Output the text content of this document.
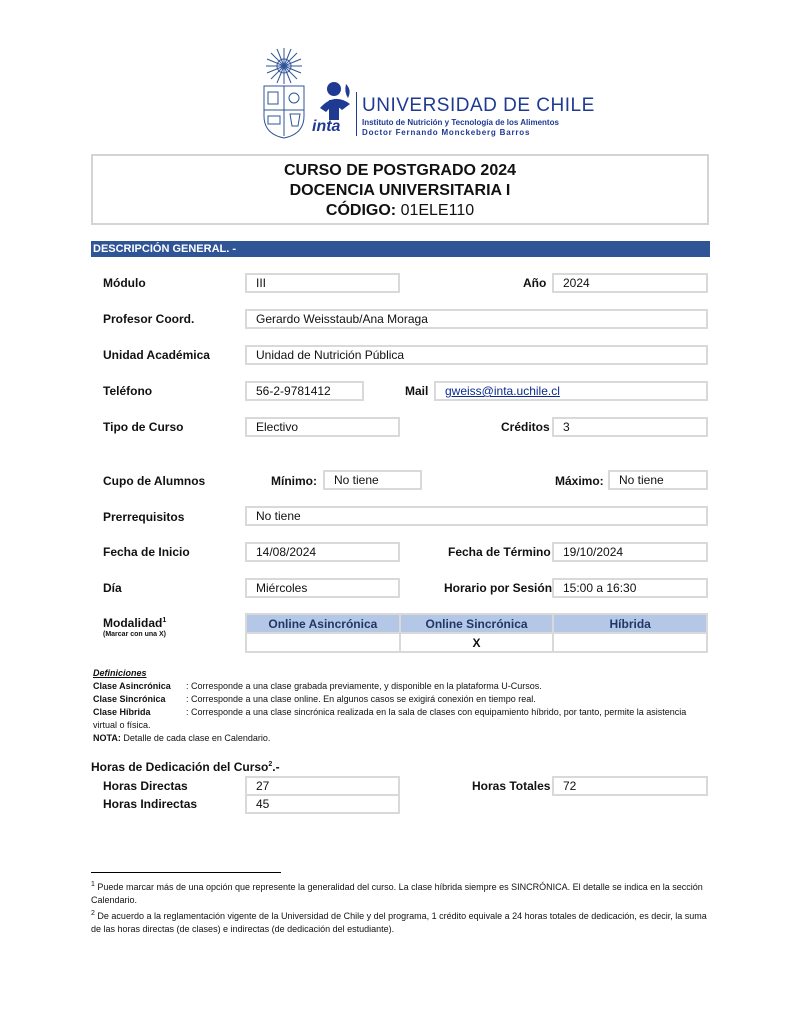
inta
UNIVERSIDAD DE CHILE
Instituto de Nutrición y Tecnología de los Alimentos
Doctor Fernando Monckeberg Barros
CURSO DE POSTGRADO 2024
DOCENCIA UNIVERSITARIA I
CÓDIGO: 01ELE110
DESCRIPCIÓN GENERAL. -
Módulo	III	Año	2024
Profesor Coord.	Gerardo Weisstaub/Ana Moraga
Unidad Académica	Unidad de Nutrición Pública
Teléfono	56-2-9781412	Mail	gweiss@inta.uchile.cl
Tipo de Curso	Electivo	Créditos	3
Cupo de Alumnos	Mínimo:	No tiene	Máximo:	No tiene
Prerrequisitos	No tiene
Fecha de Inicio	14/08/2024	Fecha de Término	19/10/2024
Día	Miércoles	Horario por Sesión 15:00 a 16:30
Modalidad$^1$
(Marcar con una X)
Online Asincrónica	Online Sincrónica	Híbrida
	X	
Definiciones
Clase Asincrónica : Corresponde a una clase grabada previamente, y disponible en la plataforma U-Cursos.
Clase Sincrónica : Corresponde a una clase online. En algunos casos se exigirá conexión en tiempo real.
Clase Híbrida	: Corresponde a una clase sincrónica realizada en la sala de clases con equipamiento híbrido, por tanto, permite la asistencia
virtual o física.
NOTA: Detalle de cada clase en Calendario.
Horas de Dedicación del Curso$^2$.-
Horas Directas	27	Horas Totales	72
Horas Indirectas	45
$^1$ Puede marcar más de una opción que represente la generalidad del curso. La clase híbrida siempre es SINCRÓNICA. El detalle se indica en la sección Calendario.
$^2$ De acuerdo a la reglamentación vigente de la Universidad de Chile y del programa, 1 crédito equivale a 24 horas totales de dedicación, es decir, la suma de las horas directas (de clases) e indirectas (de dedicación del estudiante).
